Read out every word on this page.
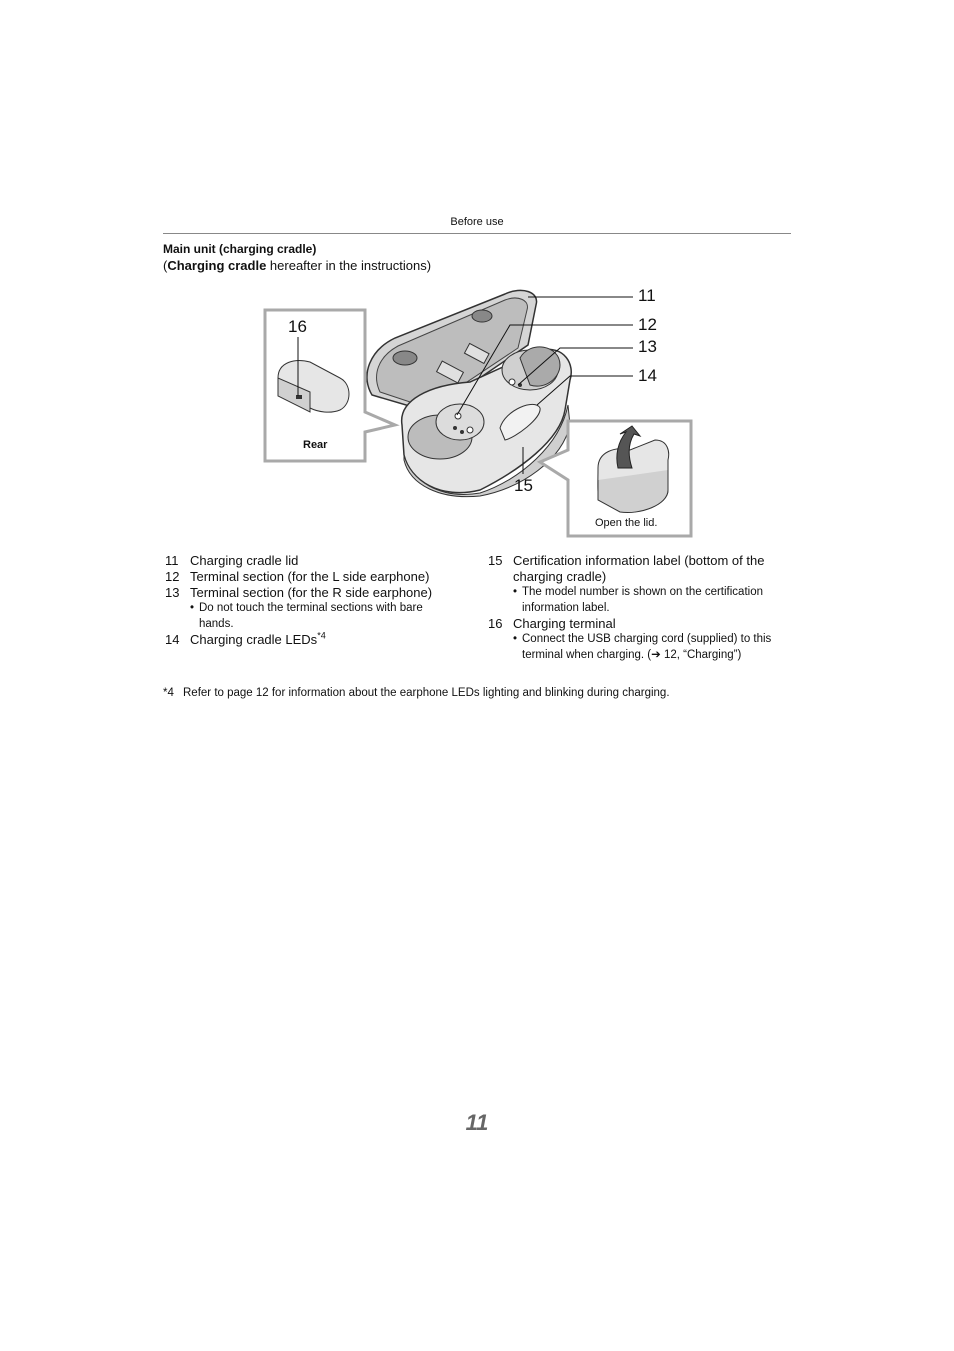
Before use
Main unit (charging cradle)
(Charging cradle hereafter in the instructions)
11
12
13
14
15
16
Rear
Open the lid.
11 Charging cradle lid
12 Terminal section (for the L side earphone)
13 Terminal section (for the R side earphone)
• Do not touch the terminal sections with bare hands.
14 Charging cradle LEDs$^{*4}$
15 Certification information label (bottom of the charging cradle)
• The model number is shown on the certification information label.
16 Charging terminal
• Connect the USB charging cord (supplied) to this terminal when charging. (➔ 12, “Charging”)
*4 Refer to page 12 for information about the earphone LEDs lighting and blinking during charging.
11
